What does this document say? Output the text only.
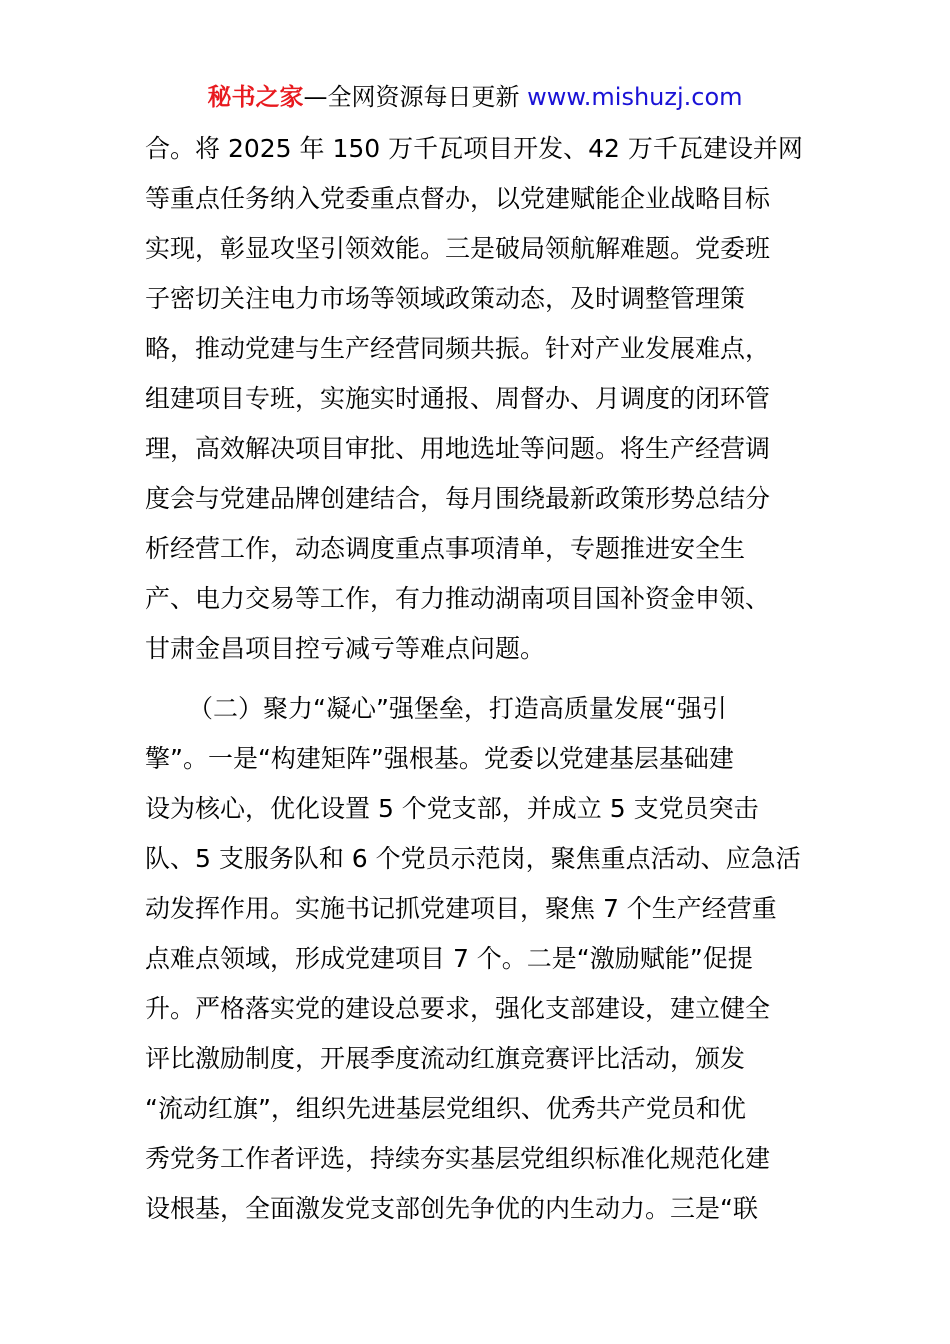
秘书之家—全网资源每日更新 www.mishuzj.com
合。将 2025 年 150 万千瓦项目开发、42 万千瓦建设并网
等重点任务纳入党委重点督办，以党建赋能企业战略目标
实现，彰显攻坚引领效能。三是破局领航解难题。党委班
子密切关注电力市场等领域政策动态，及时调整管理策
略，推动党建与生产经营同频共振。针对产业发展难点，
组建项目专班，实施实时通报、周督办、月调度的闭环管
理，高效解决项目审批、用地选址等问题。将生产经营调
度会与党建品牌创建结合，每月围绕最新政策形势总结分
析经营工作，动态调度重点事项清单，专题推进安全生
产、电力交易等工作，有力推动湖南项目国补资金申领、
甘肃金昌项目控亏减亏等难点问题。
（二）聚力“凝心”强堡垒，打造高质量发展“强引
擎”。一是“构建矩阵”强根基。党委以党建基层基础建
设为核心，优化设置 5 个党支部，并成立 5 支党员突击
队、5 支服务队和 6 个党员示范岗，聚焦重点活动、应急活
动发挥作用。实施书记抓党建项目，聚焦 7 个生产经营重
点难点领域，形成党建项目 7 个。二是“激励赋能”促提
升。严格落实党的建设总要求，强化支部建设，建立健全
评比激励制度，开展季度流动红旗竞赛评比活动，颁发
“流动红旗”，组织先进基层党组织、优秀共产党员和优
秀党务工作者评选，持续夯实基层党组织标准化规范化建
设根基，全面激发党支部创先争优的内生动力。三是“联
